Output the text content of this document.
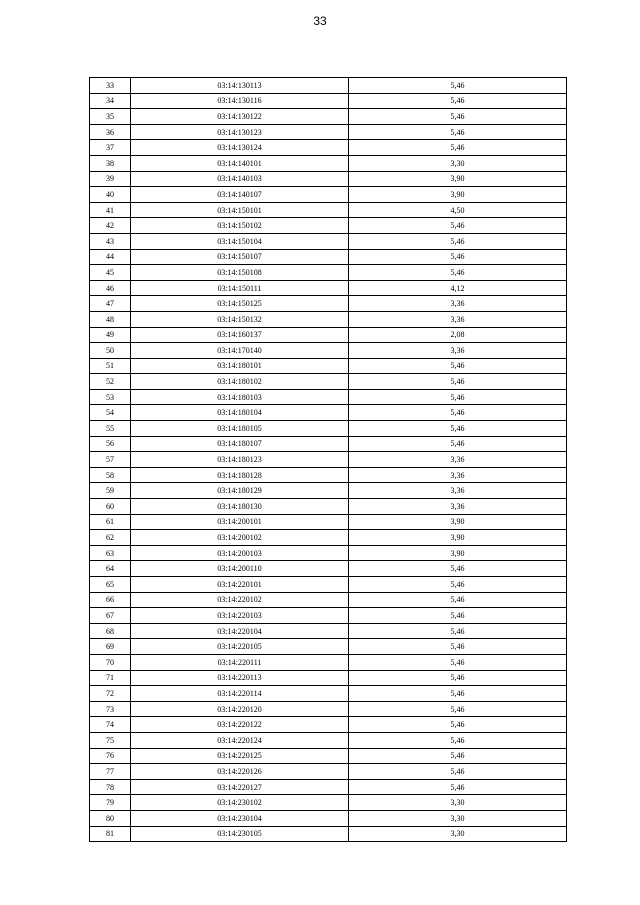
33
33	03:14:130113	5,46
34	03:14:130116	5,46
35	03:14:130122	5,46
36	03:14:130123	5,46
37	03:14:130124	5,46
38	03:14:140101	3,30
39	03:14:140103	3,90
40	03:14:140107	3,90
41	03:14:150101	4,50
42	03:14:150102	5,46
43	03:14:150104	5,46
44	03:14:150107	5,46
45	03:14:150108	5,46
46	03:14:150111	4,12
47	03:14:150125	3,36
48	03:14:150132	3,36
49	03:14:160137	2,08
50	03:14:170140	3,36
51	03:14:180101	5,46
52	03:14:180102	5,46
53	03:14:180103	5,46
54	03:14:180104	5,46
55	03:14:180105	5,46
56	03:14:180107	5,46
57	03:14:180123	3,36
58	03:14:180128	3,36
59	03:14:180129	3,36
60	03:14:180130	3,36
61	03:14:200101	3,90
62	03:14:200102	3,90
63	03:14:200103	3,90
64	03:14:200110	5,46
65	03:14:220101	5,46
66	03:14:220102	5,46
67	03:14:220103	5,46
68	03:14:220104	5,46
69	03:14:220105	5,46
70	03:14:220111	5,46
71	03:14:220113	5,46
72	03:14:220114	5,46
73	03:14:220120	5,46
74	03:14:220122	5,46
75	03:14:220124	5,46
76	03:14:220125	5,46
77	03:14:220126	5,46
78	03:14:220127	5,46
79	03:14:230102	3,30
80	03:14:230104	3,30
81	03:14:230105	3,30
